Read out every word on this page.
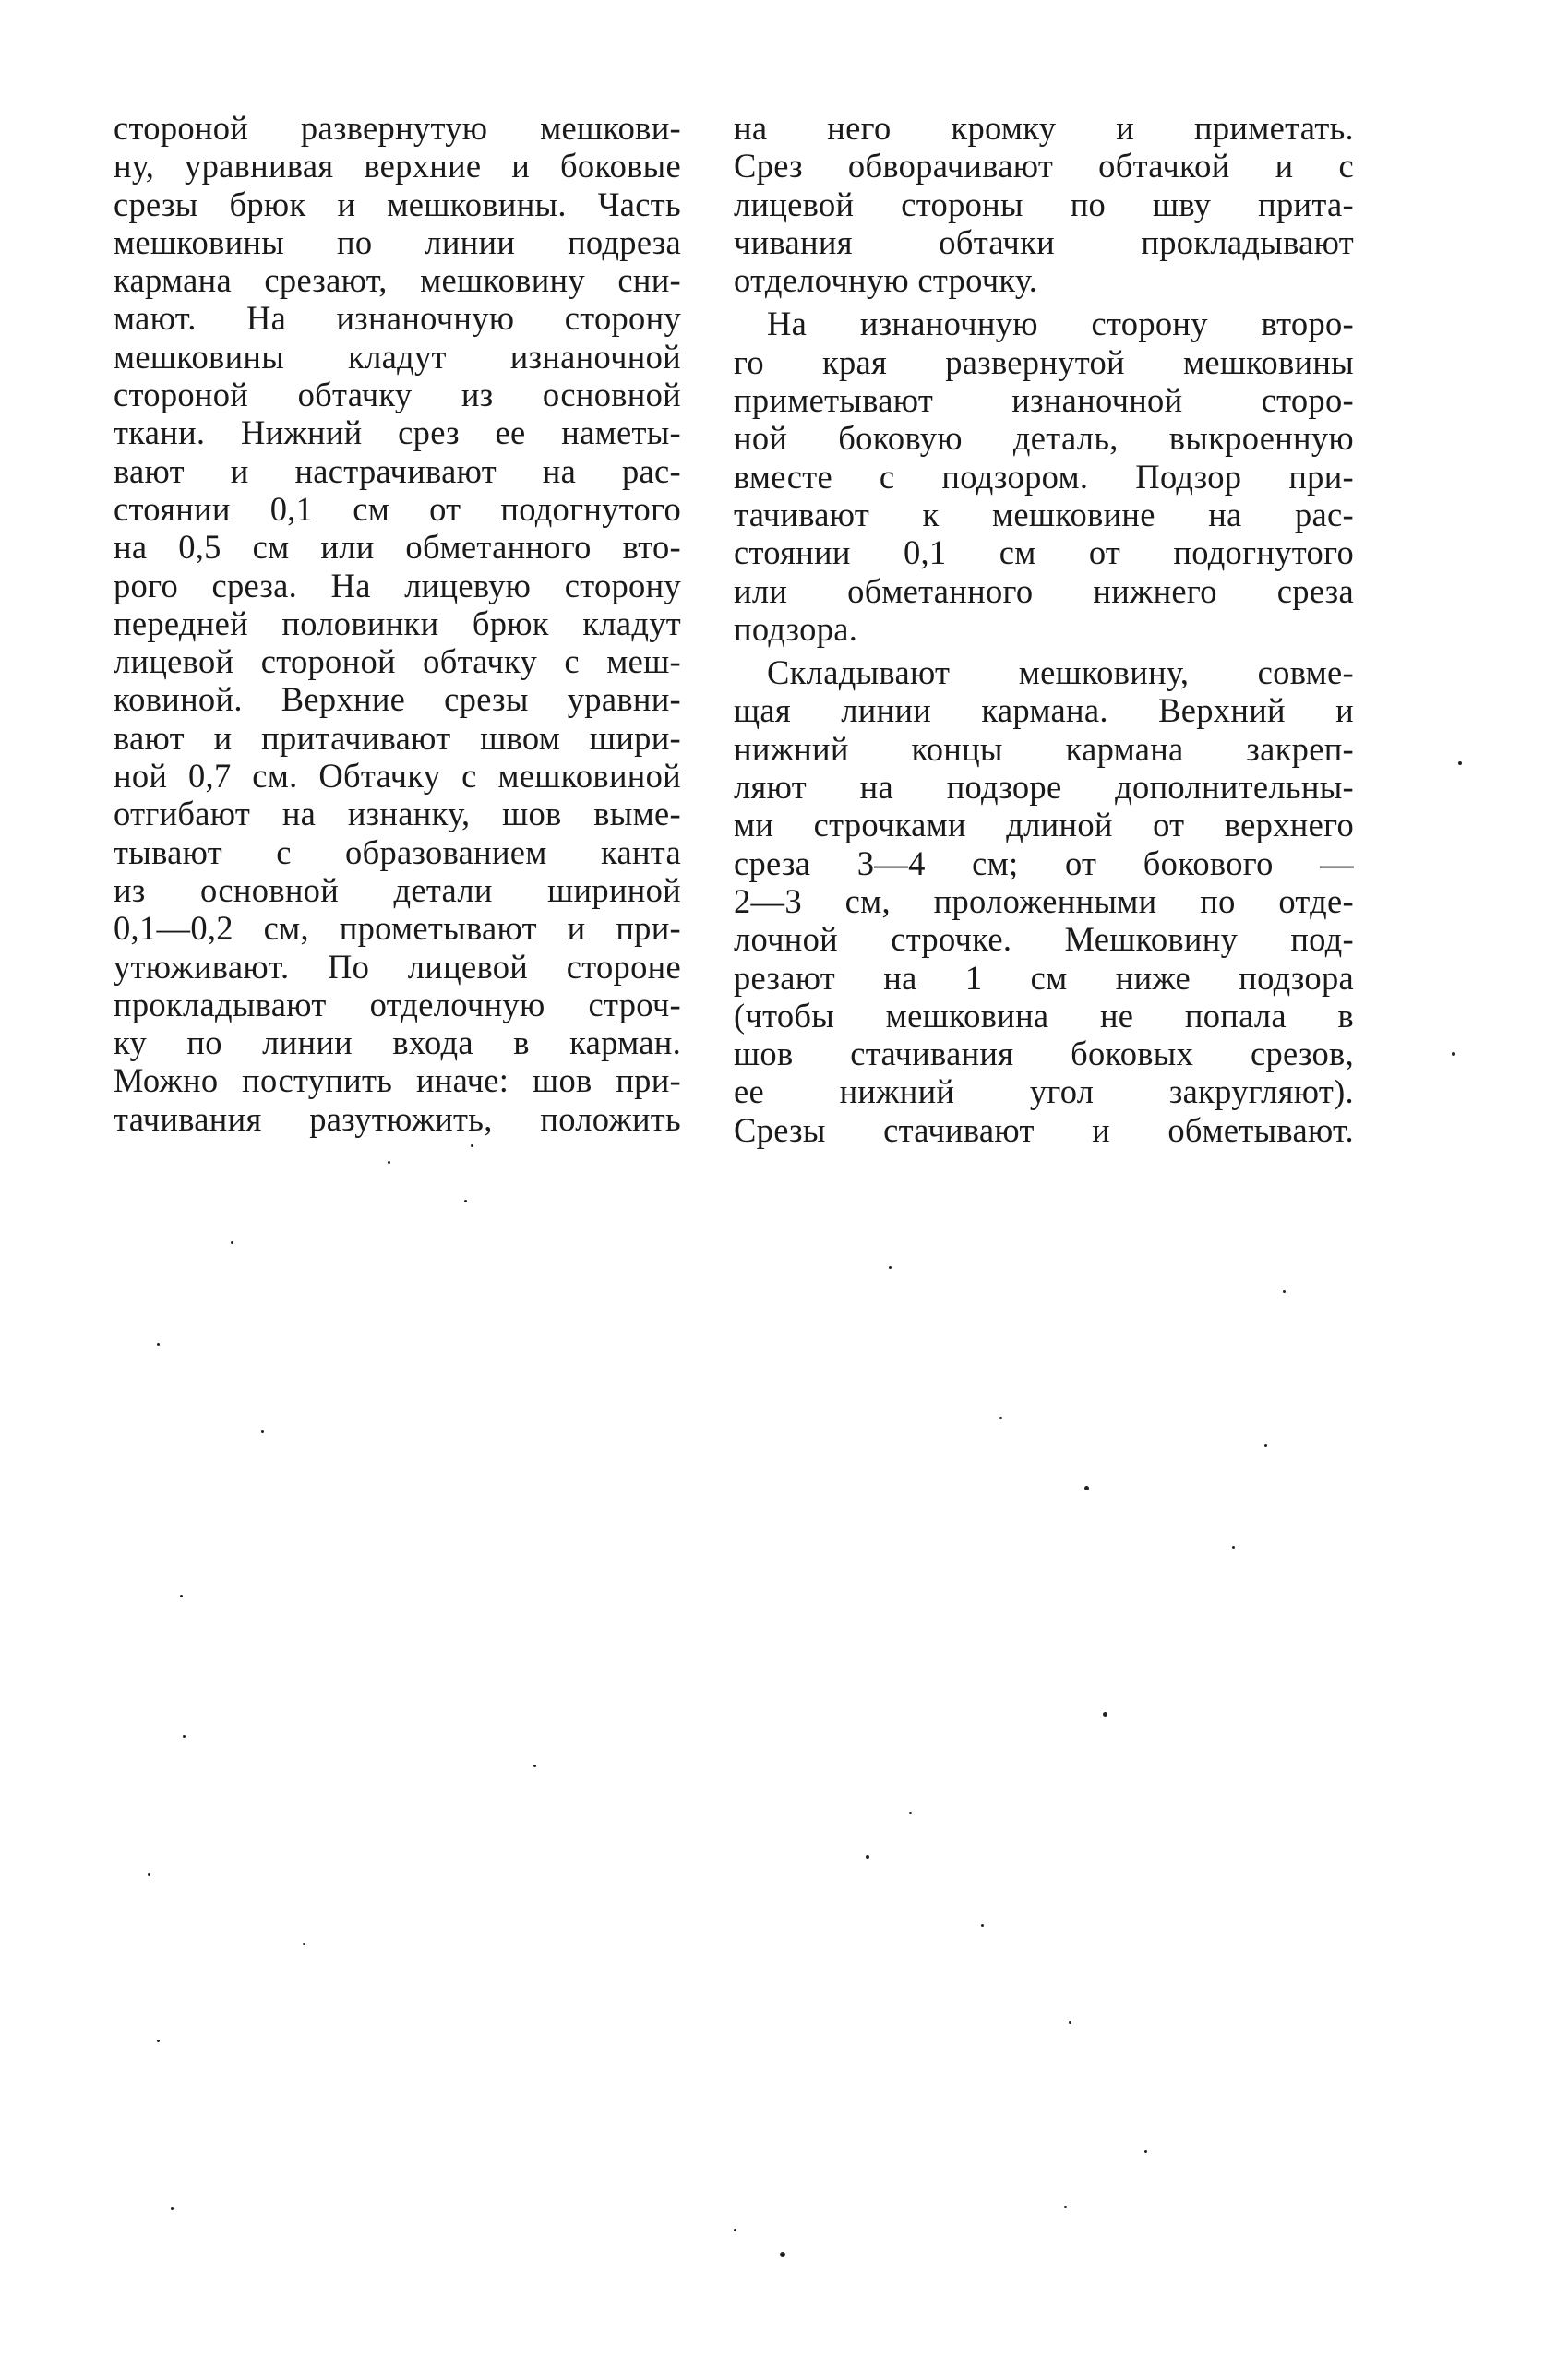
стороной развернутую мешкови-
ну, уравнивая верхние и боковые
срезы брюк и мешковины. Часть
мешковины по линии подреза
кармана срезают, мешковину сни-
мают. На изнаночную сторону
мешковины кладут изнаночной
стороной обтачку из основной
ткани. Нижний срез ее наметы-
вают и настрачивают на рас-
стоянии 0,1 см от подогнутого
на 0,5 см или обметанного вто-
рого среза. На лицевую сторону
передней половинки брюк кладут
лицевой стороной обтачку с меш-
ковиной. Верхние срезы уравни-
вают и притачивают швом шири-
ной 0,7 см. Обтачку с мешковиной
отгибают на изнанку, шов выме-
тывают с образованием канта
из основной детали шириной
0,1—0,2 см, прометывают и при-
утюживают. По лицевой стороне
прокладывают отделочную строч-
ку по линии входа в карман.
Можно поступить иначе: шов при-
тачивания разутюжить, положить
на него кромку и приметать.
Срез обворачивают обтачкой и с
лицевой стороны по шву прита-
чивания обтачки прокладывают
отделочную строчку.
На изнаночную сторону второ-
го края развернутой мешковины
приметывают изнаночной сторо-
ной боковую деталь, выкроенную
вместе с подзором. Подзор при-
тачивают к мешковине на рас-
стоянии 0,1 см от подогнутого
или обметанного нижнего среза
подзора.
Складывают мешковину, совме-
щая линии кармана. Верхний и
нижний концы кармана закреп-
ляют на подзоре дополнительны-
ми строчками длиной от верхнего
среза 3—4 см; от бокового —
2—3 см, проложенными по отде-
лочной строчке. Мешковину под-
резают на 1 см ниже подзора
(чтобы мешковина не попала в
шов стачивания боковых срезов,
ее нижний угол закругляют).
Срезы стачивают и обметывают.
